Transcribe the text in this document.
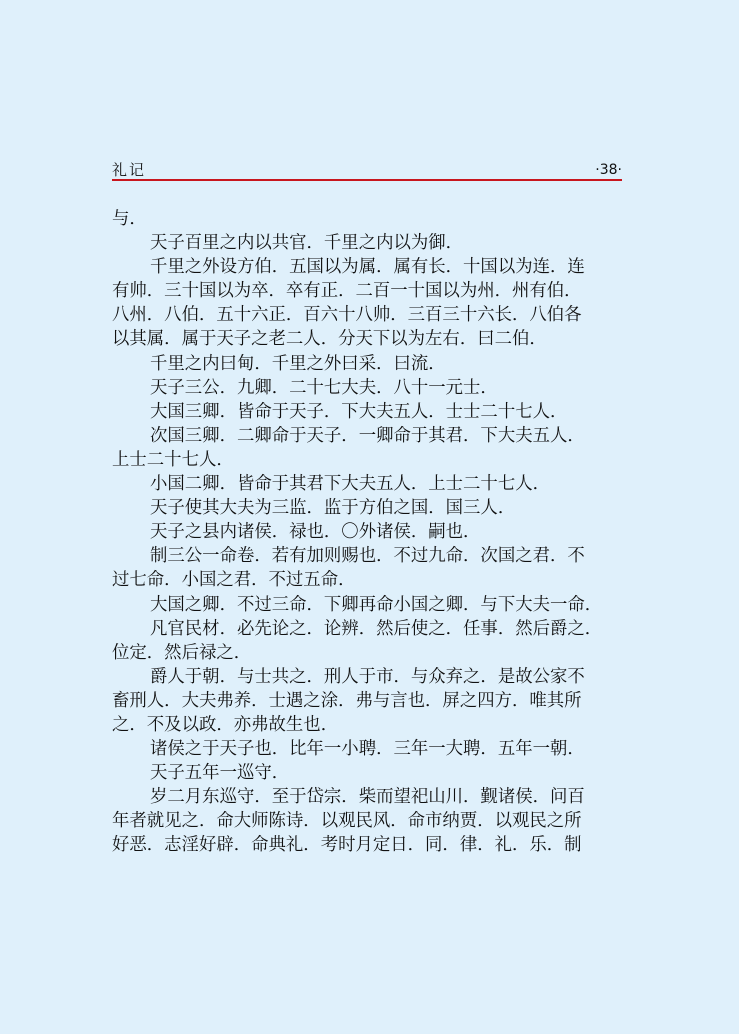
礼记	·38·
与．
天子百里之内以共官．千里之内以为御．
千里之外设方伯．五国以为属．属有长．十国以为连．连
有帅．三十国以为卒．卒有正．二百一十国以为州．州有伯．
八州．八伯．五十六正．百六十八帅．三百三十六长．八伯各
以其属．属于天子之老二人．分天下以为左右．曰二伯．
千里之内曰甸．千里之外曰采．曰流．
天子三公．九卿．二十七大夫．八十一元士．
大国三卿．皆命于天子．下大夫五人．士士二十七人．
次国三卿．二卿命于天子．一卿命于其君．下大夫五人．
上士二十七人．
小国二卿．皆命于其君下大夫五人．上士二十七人．
天子使其大夫为三监．监于方伯之国．国三人．
天子之县内诸侯．禄也．〇外诸侯．嗣也．
制三公一命卷．若有加则赐也．不过九命．次国之君．不
过七命．小国之君．不过五命．
大国之卿．不过三命．下卿再命小国之卿．与下大夫一命．
凡官民材．必先论之．论辨．然后使之．任事．然后爵之．
位定．然后禄之．
爵人于朝．与士共之．刑人于市．与众弃之．是故公家不
畜刑人．大夫弗养．士遇之涂．弗与言也．屏之四方．唯其所
之．不及以政．亦弗故生也．
诸侯之于天子也．比年一小聘．三年一大聘．五年一朝．
天子五年一巡守．
岁二月东巡守．至于岱宗．柴而望祀山川．觐诸侯．问百
年者就见之．命大师陈诗．以观民风．命市纳贾．以观民之所
好恶．志淫好辟．命典礼．考时月定日．同．律．礼．乐．制
